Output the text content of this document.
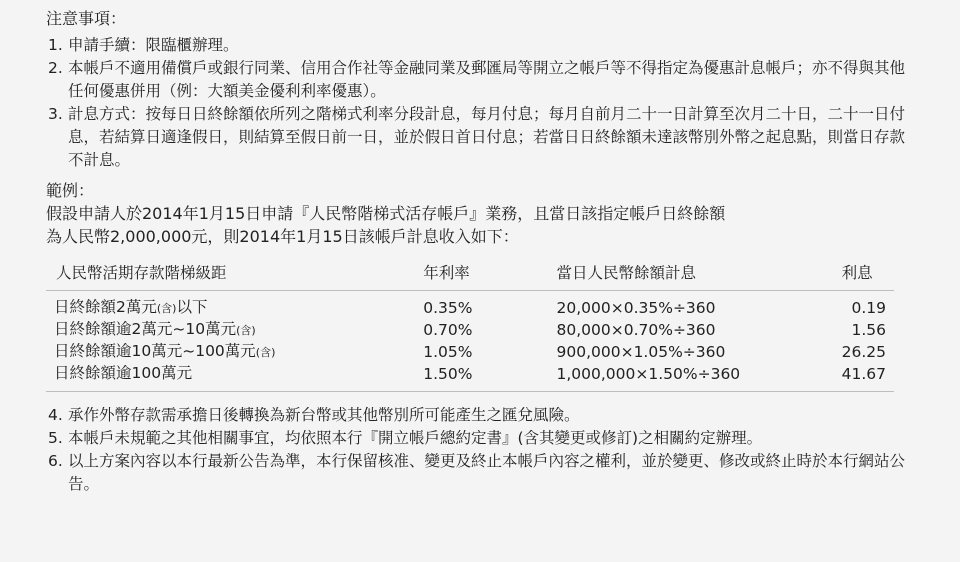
注意事項：
1. 申請手續：限臨櫃辦理。
2. 本帳戶不適用備償戶或銀行同業、信用合作社等金融同業及郵匯局等開立之帳戶等不得指定為優惠計息帳戶；亦不得與其他任何優惠併用（例：大額美金優利利率優惠）。
3. 計息方式：按每日日終餘額依所列之階梯式利率分段計息，每月付息；每月自前月二十一日計算至次月二十日，二十一日付息，若結算日適逢假日，則結算至假日前一日，並於假日首日付息；若當日日終餘額未達該幣別外幣之起息點，則當日存款不計息。
範例：

假設申請人於2014年1月15日申請『人民幣階梯式活存帳戶』業務，且當日該指定帳戶日終餘額
為人民幣2,000,000元，則2014年1月15日該帳戶計息收入如下：

人民幣活期存款階梯級距	年利率	當日人民幣餘額計息	利息
日終餘額2萬元(含)以下	0.35%	20,000×0.35%÷360	0.19
日終餘額逾2萬元~10萬元(含)	0.70%	80,000×0.70%÷360	1.56
日終餘額逾10萬元~100萬元(含)	1.05%	900,000×1.05%÷360	26.25
日終餘額逾100萬元	1.50%	1,000,000×1.50%÷360	41.67
4. 承作外幣存款需承擔日後轉換為新台幣或其他幣別所可能產生之匯兌風險。
5. 本帳戶未規範之其他相關事宜，均依照本行『開立帳戶總約定書』(含其變更或修訂)之相關約定辦理。
6. 以上方案內容以本行最新公告為準，本行保留核准、變更及終止本帳戶內容之權利，並於變更、修改或終止時於本行網站公告。
